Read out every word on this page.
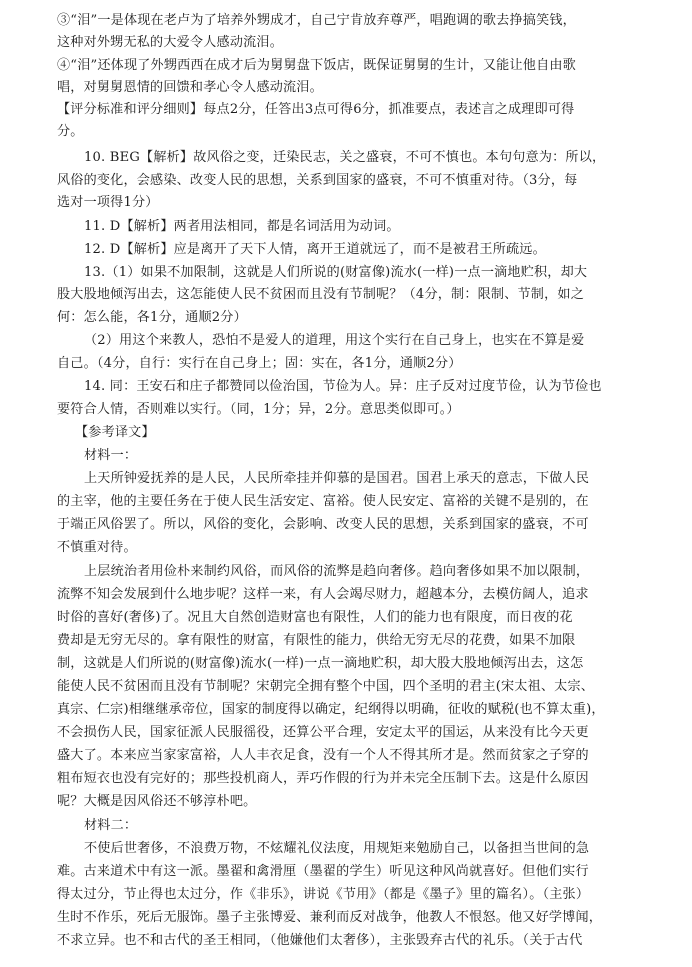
③“泪”一是体现在老卢为了培养外甥成才，自己宁肯放弃尊严，唱跑调的歌去挣搞笑钱，
这种对外甥无私的大爱令人感动流泪。
④“泪”还体现了外甥西西在成才后为舅舅盘下饭店，既保证舅舅的生计，又能让他自由歌
唱，对舅舅恩情的回馈和孝心令人感动流泪。
【评分标准和评分细则】每点2分，任答出3点可得6分，抓准要点，表述言之成理即可得
分。
10. BEG【解析】故风俗之变，迁染民志，关之盛衰，不可不慎也。本句句意为：所以，
风俗的变化，会感染、改变人民的思想，关系到国家的盛衰，不可不慎重对待。（3分，每
选对一项得1分）
11. D【解析】两者用法相同，都是名词活用为动词。
12. D【解析】应是离开了天下人情，离开王道就远了，而不是被君王所疏远。
13.（1）如果不加限制，这就是人们所说的(财富像)流水(一样)一点一滴地贮积，却大
股大股地倾泻出去，这怎能使人民不贫困而且没有节制呢？（4分，制：限制、节制，如之
何：怎么能，各1分，通顺2分）
（2）用这个来教人，恐怕不是爱人的道理，用这个实行在自己身上，也实在不算是爱
自己。（4分，自行：实行在自己身上；固：实在，各1分，通顺2分）
14. 同：王安石和庄子都赞同以俭治国，节俭为人。异：庄子反对过度节俭，认为节俭也
要符合人情，否则难以实行。（同，1分；异，2分。意思类似即可。）
【参考译文】
材料一：
上天所钟爱抚养的是人民，人民所牵挂并仰慕的是国君。国君上承天的意志，下做人民
的主宰，他的主要任务在于使人民生活安定、富裕。使人民安定、富裕的关键不是别的，在
于端正风俗罢了。所以，风俗的变化，会影响、改变人民的思想，关系到国家的盛衰，不可
不慎重对待。
上层统治者用俭朴来制约风俗，而风俗的流弊是趋向奢侈。趋向奢侈如果不加以限制，
流弊不知会发展到什么地步呢？这样一来，有人会竭尽财力，超越本分，去模仿阔人，追求
时俗的喜好(奢侈)了。况且大自然创造财富也有限性，人们的能力也有限度，而日夜的花
费却是无穷无尽的。拿有限性的财富，有限性的能力，供给无穷无尽的花费，如果不加限
制，这就是人们所说的(财富像)流水(一样)一点一滴地贮积，却大股大股地倾泻出去，这怎
能使人民不贫困而且没有节制呢？宋朝完全拥有整个中国，四个圣明的君主(宋太祖、太宗、
真宗、仁宗)相继继承帝位，国家的制度得以确定，纪纲得以明确，征收的赋税(也不算太重)，
不会损伤人民，国家征派人民服徭役，还算公平合理，安定太平的国运，从来没有比今天更
盛大了。本来应当家家富裕，人人丰衣足食，没有一个人不得其所才是。然而贫家之子穿的
粗布短衣也没有完好的；那些投机商人，弄巧作假的行为并未完全压制下去。这是什么原因
呢？大概是因风俗还不够淳朴吧。
材料二：
不使后世奢侈，不浪费万物，不炫耀礼仪法度，用规矩来勉励自己，以备担当世间的急
难。古来道术中有这一派。墨翟和禽滑厘（墨翟的学生）听见这种风尚就喜好。但他们实行
得太过分，节止得也太过分，作《非乐》，讲说《节用》（都是《墨子》里的篇名）。（主张）
生时不作乐，死后无服饰。墨子主张博爱、兼利而反对战争，他教人不恨怒。他又好学博闻，
不求立异。也不和古代的圣王相同，（他嫌他们太奢侈），主张毁弃古代的礼乐。（关于古代
